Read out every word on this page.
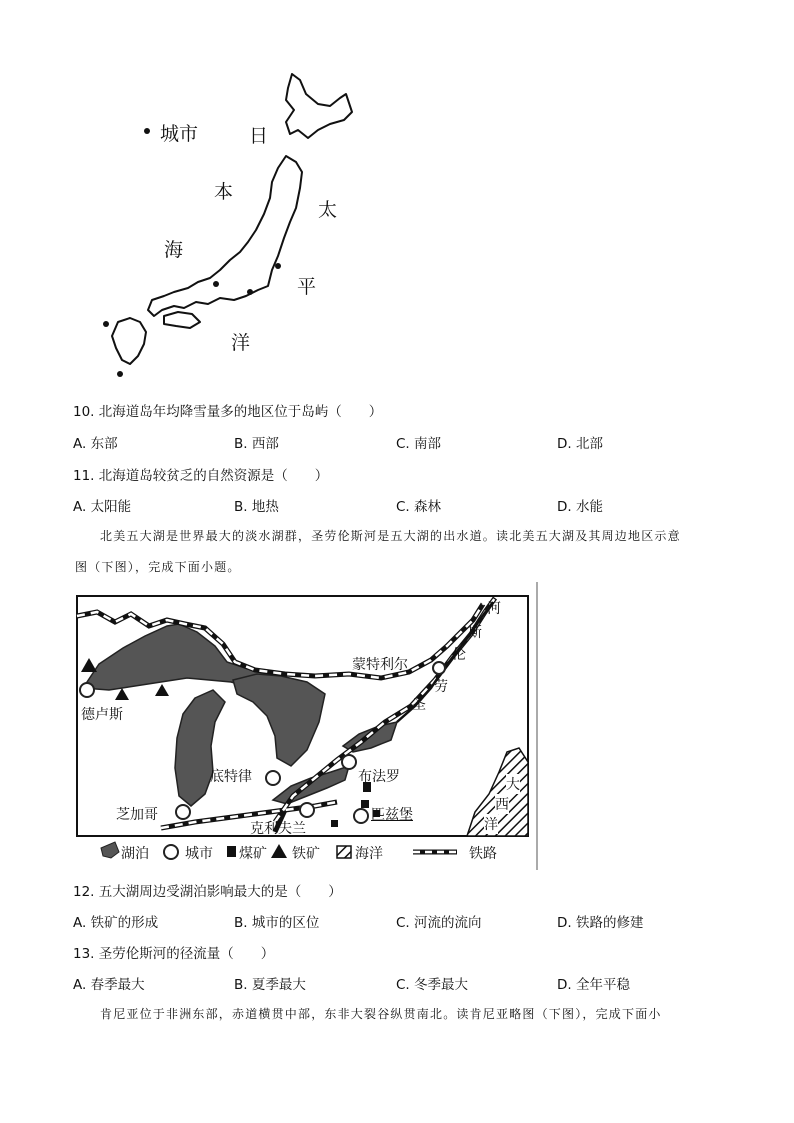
城市	日
本
海
太
平
洋
10. 北海道岛年均降雪量多的地区位于岛屿（　　）
A. 东部	B. 西部	C. 南部	D. 北部
11. 北海道岛较贫乏的自然资源是（　　）
A. 太阳能	B. 地热	C. 森林	D. 水能
北美五大湖是世界最大的淡水湖群，圣劳伦斯河是五大湖的出水道。读北美五大湖及其周边地区示意
图（下图），完成下面小题。
德卢斯
蒙特利尔
底特律	布法罗
芝加哥
克利夫兰
匹兹堡
河
斯
伦
劳
圣
大
西
洋
湖泊	城市 煤矿 铁矿	海洋	铁路
12. 五大湖周边受湖泊影响最大的是（　　）
A. 铁矿的形成	B. 城市的区位	C. 河流的流向	D. 铁路的修建
13. 圣劳伦斯河的径流量（　　）
A. 春季最大	B. 夏季最大	C. 冬季最大	D. 全年平稳
肯尼亚位于非洲东部，赤道横贯中部，东非大裂谷纵贯南北。读肯尼亚略图（下图），完成下面小
